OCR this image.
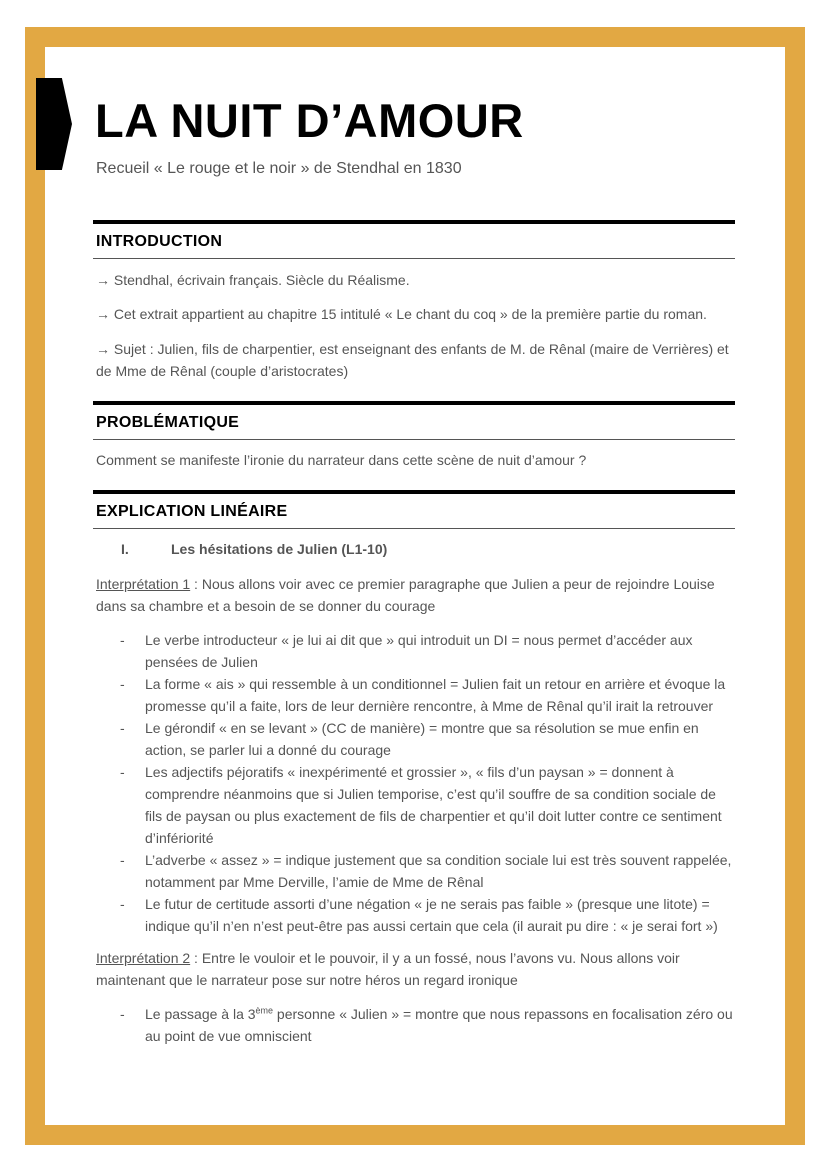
LA NUIT D’AMOUR
Recueil « Le rouge et le noir » de Stendhal en 1830
INTRODUCTION
→ Stendhal, écrivain français. Siècle du Réalisme.
→ Cet extrait appartient au chapitre 15 intitulé « Le chant du coq » de la première partie du roman.
→ Sujet : Julien, fils de charpentier, est enseignant des enfants de M. de Rênal (maire de Verrières) et de Mme de Rênal (couple d’aristocrates)
PROBLÉMATIQUE
Comment se manifeste l’ironie du narrateur dans cette scène de nuit d’amour ?
EXPLICATION LINÉAIRE
I.	Les hésitations de Julien (L1-10)
Interprétation 1 : Nous allons voir avec ce premier paragraphe que Julien a peur de rejoindre Louise dans sa chambre et a besoin de se donner du courage
- Le verbe introducteur « je lui ai dit que » qui introduit un DI = nous permet d’accéder aux pensées de Julien
- La forme « ais » qui ressemble à un conditionnel = Julien fait un retour en arrière et évoque la promesse qu’il a faite, lors de leur dernière rencontre, à Mme de Rênal qu’il irait la retrouver
- Le gérondif « en se levant » (CC de manière) = montre que sa résolution se mue enfin en action, se parler lui a donné du courage
- Les adjectifs péjoratifs « inexpérimenté et grossier », « fils d’un paysan » = donnent à comprendre néanmoins que si Julien temporise, c’est qu’il souffre de sa condition sociale de fils de paysan ou plus exactement de fils de charpentier et qu’il doit lutter contre ce sentiment d’infériorité
- L’adverbe « assez » = indique justement que sa condition sociale lui est très souvent rappelée, notamment par Mme Derville, l’amie de Mme de Rênal
- Le futur de certitude assorti d’une négation « je ne serais pas faible » (presque une litote) = indique qu’il n’en n’est peut-être pas aussi certain que cela (il aurait pu dire : « je serai fort »)
Interprétation 2 : Entre le vouloir et le pouvoir, il y a un fossé, nous l’avons vu. Nous allons voir maintenant que le narrateur pose sur notre héros un regard ironique
- Le passage à la 3ème personne « Julien » = montre que nous repassons en focalisation zéro ou au point de vue omniscient
